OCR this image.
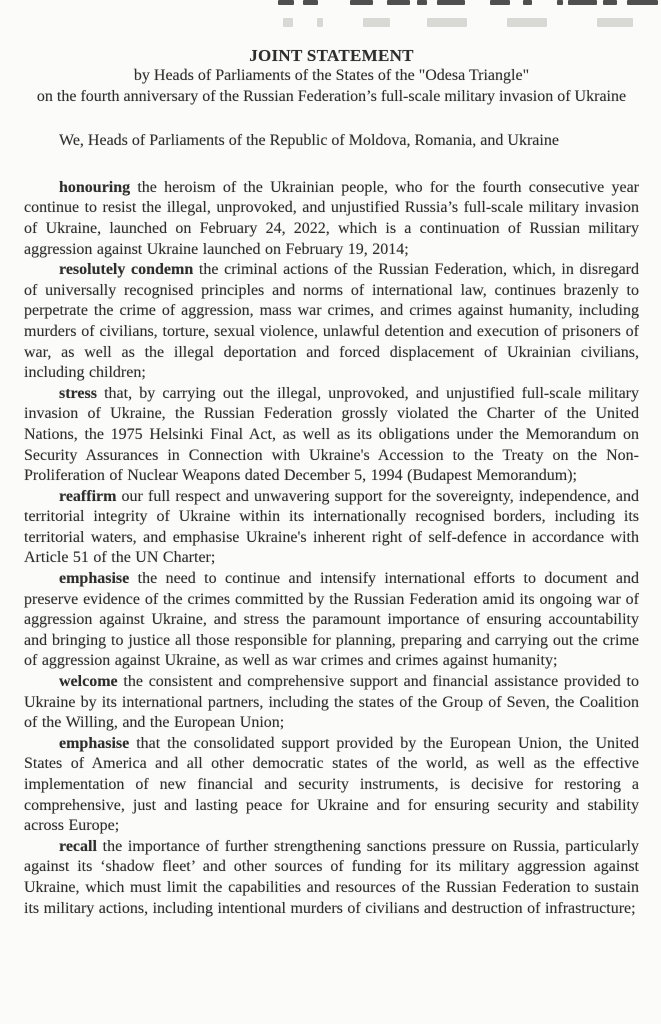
JOINT STATEMENT
by Heads of Parliaments of the States of the "Odesa Triangle"
on the fourth anniversary of the Russian Federation’s full-scale military invasion of Ukraine

We, Heads of Parliaments of the Republic of Moldova, Romania, and Ukraine

honouring the heroism of the Ukrainian people, who for the fourth consecutive year continue to resist the illegal, unprovoked, and unjustified Russia’s full-scale military invasion of Ukraine, launched on February 24, 2022, which is a continuation of Russian military aggression against Ukraine launched on February 19, 2014;

resolutely condemn the criminal actions of the Russian Federation, which, in disregard of universally recognised principles and norms of international law, continues brazenly to perpetrate the crime of aggression, mass war crimes, and crimes against humanity, including murders of civilians, torture, sexual violence, unlawful detention and execution of prisoners of war, as well as the illegal deportation and forced displacement of Ukrainian civilians, including children;

stress that, by carrying out the illegal, unprovoked, and unjustified full-scale military invasion of Ukraine, the Russian Federation grossly violated the Charter of the United Nations, the 1975 Helsinki Final Act, as well as its obligations under the Memorandum on Security Assurances in Connection with Ukraine's Accession to the Treaty on the Non-Proliferation of Nuclear Weapons dated December 5, 1994 (Budapest Memorandum);

reaffirm our full respect and unwavering support for the sovereignty, independence, and territorial integrity of Ukraine within its internationally recognised borders, including its territorial waters, and emphasise Ukraine's inherent right of self-defence in accordance with Article 51 of the UN Charter;

emphasise the need to continue and intensify international efforts to document and preserve evidence of the crimes committed by the Russian Federation amid its ongoing war of aggression against Ukraine, and stress the paramount importance of ensuring accountability and bringing to justice all those responsible for planning, preparing and carrying out the crime of aggression against Ukraine, as well as war crimes and crimes against humanity;

welcome the consistent and comprehensive support and financial assistance provided to Ukraine by its international partners, including the states of the Group of Seven, the Coalition of the Willing, and the European Union;

emphasise that the consolidated support provided by the European Union, the United States of America and all other democratic states of the world, as well as the effective implementation of new financial and security instruments, is decisive for restoring a comprehensive, just and lasting peace for Ukraine and for ensuring security and stability across Europe;

recall the importance of further strengthening sanctions pressure on Russia, particularly against its ‘shadow fleet’ and other sources of funding for its military aggression against Ukraine, which must limit the capabilities and resources of the Russian Federation to sustain its military actions, including intentional murders of civilians and destruction of infrastructure;
